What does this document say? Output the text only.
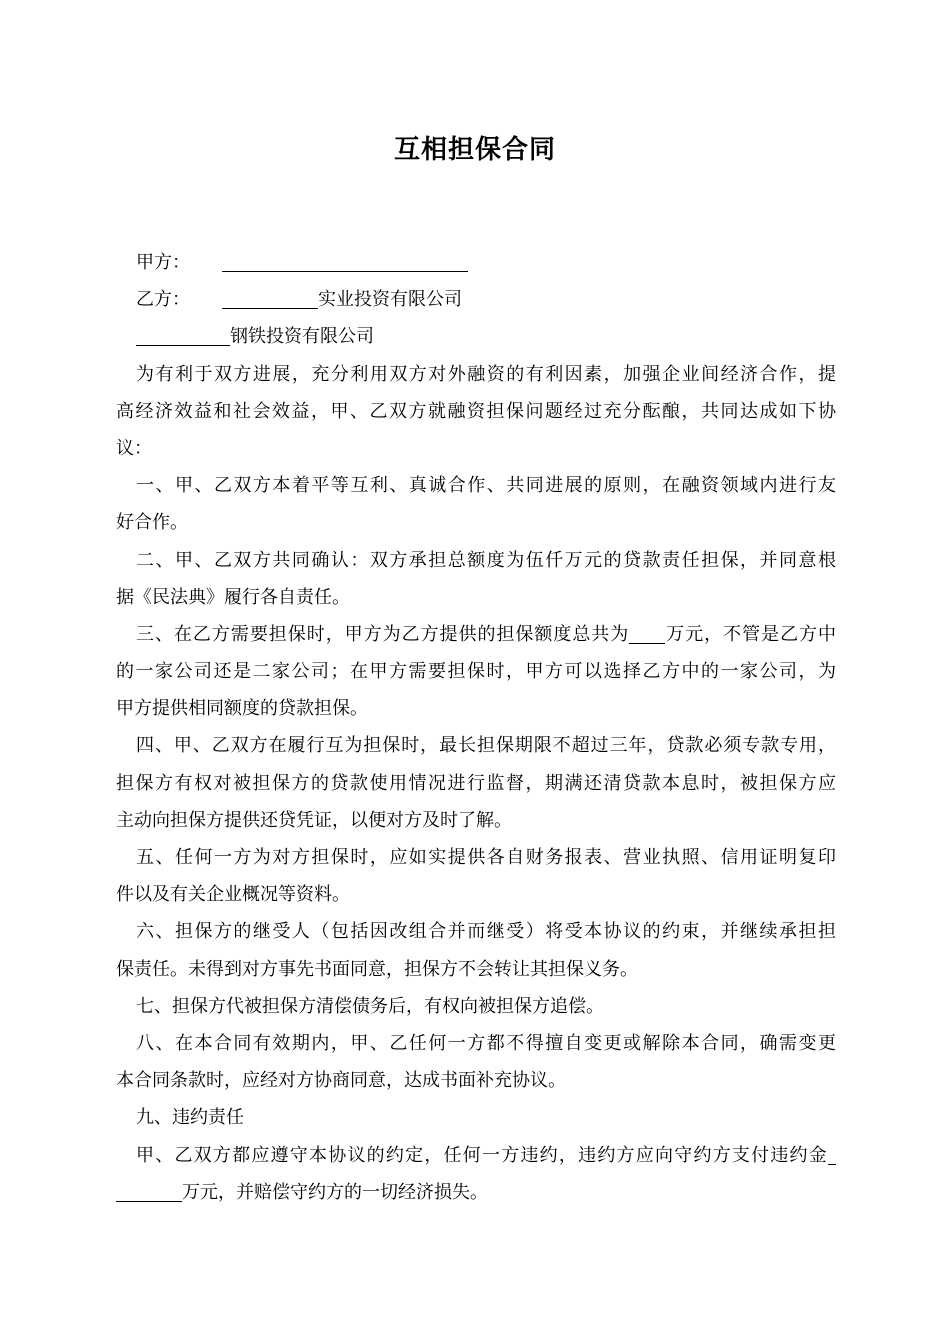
互相担保合同
甲方：
乙方：	实业投资有限公司
钢铁投资有限公司
为有利于双方进展，充分利用双方对外融资的有利因素，加强企业间经济合作，提
高经济效益和社会效益，甲、乙双方就融资担保问题经过充分酝酿，共同达成如下协
议：
一、甲、乙双方本着平等互利、真诚合作、共同进展的原则，在融资领域内进行友
好合作。
二、甲、乙双方共同确认：双方承担总额度为伍仟万元的贷款责任担保，并同意根
据《民法典》履行各自责任。
三、在乙方需要担保时，甲方为乙方提供的担保额度总共为 万元，不管是乙方中
的一家公司还是二家公司；在甲方需要担保时，甲方可以选择乙方中的一家公司，为
甲方提供相同额度的贷款担保。
四、甲、乙双方在履行互为担保时，最长担保期限不超过三年，贷款必须专款专用，
担保方有权对被担保方的贷款使用情况进行监督，期满还清贷款本息时，被担保方应
主动向担保方提供还贷凭证，以便对方及时了解。
五、任何一方为对方担保时，应如实提供各自财务报表、营业执照、信用证明复印
件以及有关企业概况等资料。
六、担保方的继受人（包括因改组合并而继受）将受本协议的约束，并继续承担担
保责任。未得到对方事先书面同意，担保方不会转让其担保义务。
七、担保方代被担保方清偿债务后，有权向被担保方追偿。
八、在本合同有效期内，甲、乙任何一方都不得擅自变更或解除本合同，确需变更
本合同条款时，应经对方协商同意，达成书面补充协议。
九、违约责任
甲、乙双方都应遵守本协议的约定，任何一方违约，违约方应向守约方支付违约金
万元，并赔偿守约方的一切经济损失。
